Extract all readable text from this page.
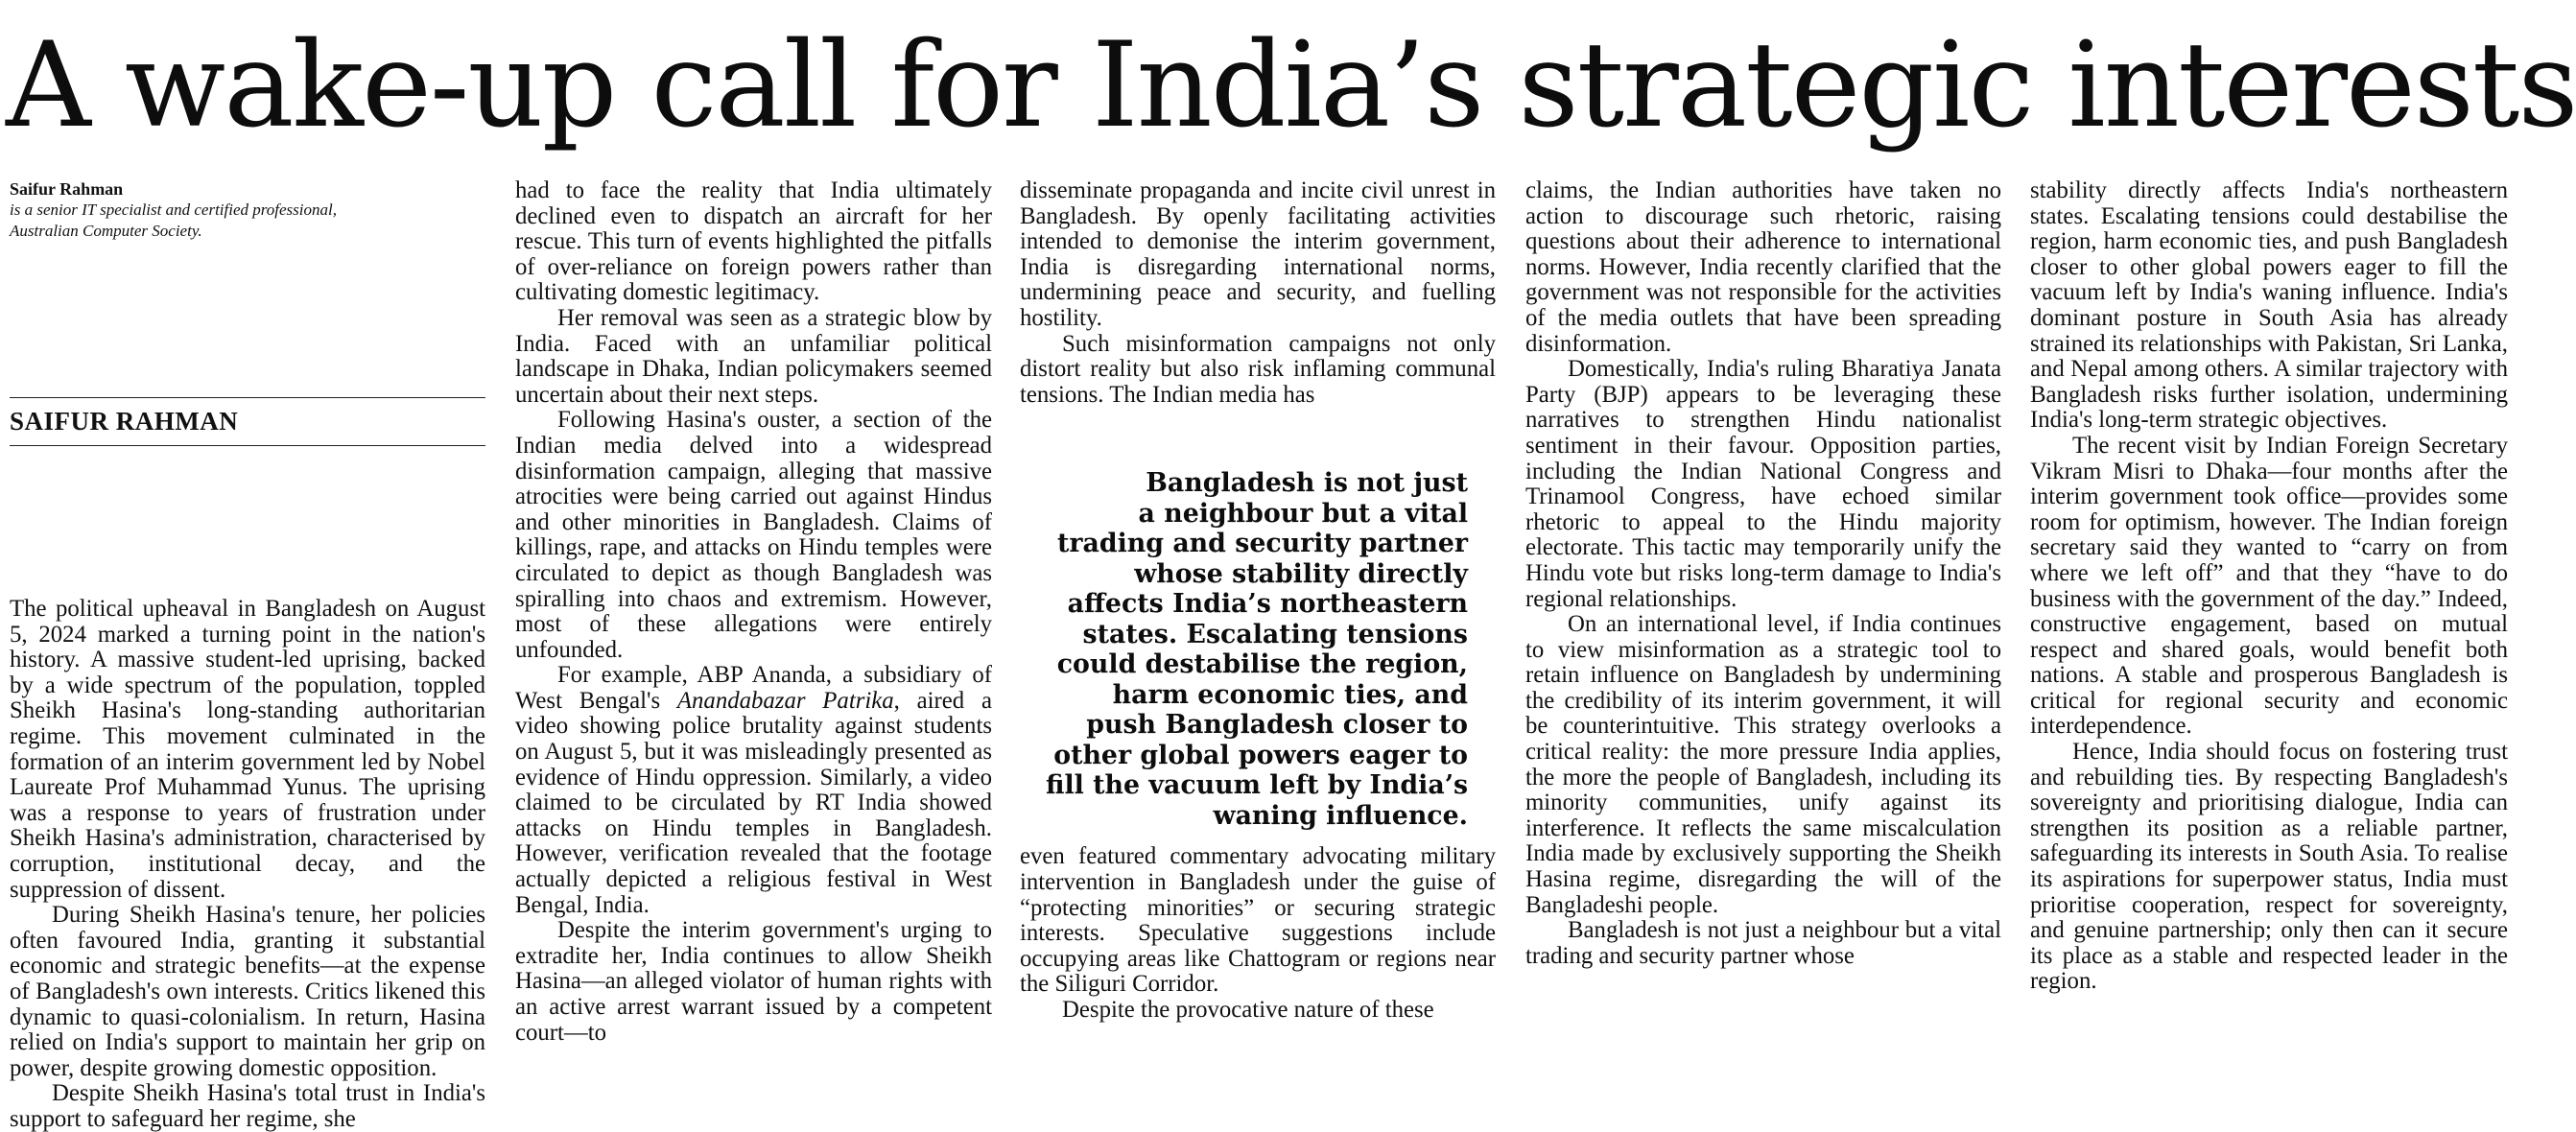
A wake-up call for India’s strategic interests
Saifur Rahman
is a senior IT specialist and certified professional,
Australian Computer Society.
SAIFUR RAHMAN

The political upheaval in Bangladesh on August 5, 2024 marked a turning point in the nation's history. A massive student-led uprising, backed by a wide spectrum of the population, toppled Sheikh Hasina's long-standing authoritarian regime. This movement culminated in the formation of an interim government led by Nobel Laureate Prof Muhammad Yunus. The uprising was a response to years of frustration under Sheikh Hasina's administration, characterised by corruption, institutional decay, and the suppression of dissent.

During Sheikh Hasina's tenure, her policies often favoured India, granting it substantial economic and strategic benefits—at the expense of Bangladesh's own interests. Critics likened this dynamic to quasi-colonialism. In return, Hasina relied on India's support to maintain her grip on power, despite growing domestic opposition.

Despite Sheikh Hasina's total trust in India's support to safeguard her regime, she

had to face the reality that India ultimately declined even to dispatch an aircraft for her rescue. This turn of events highlighted the pitfalls of over-reliance on foreign powers rather than cultivating domestic legitimacy.

Her removal was seen as a strategic blow by India. Faced with an unfamiliar political landscape in Dhaka, Indian policymakers seemed uncertain about their next steps.

Following Hasina's ouster, a section of the Indian media delved into a widespread disinformation campaign, alleging that massive atrocities were being carried out against Hindus and other minorities in Bangladesh. Claims of killings, rape, and attacks on Hindu temples were circulated to depict as though Bangladesh was spiralling into chaos and extremism. However, most of these allegations were entirely unfounded.

For example, ABP Ananda, a subsidiary of West Bengal's Anandabazar Patrika, aired a video showing police brutality against students on August 5, but it was misleadingly presented as evidence of Hindu oppression. Similarly, a video claimed to be circulated by RT India showed attacks on Hindu temples in Bangladesh. However, verification revealed that the footage actually depicted a religious festival in West Bengal, India.

Despite the interim government's urging to extradite her, India continues to allow Sheikh Hasina—an alleged violator of human rights with an active arrest warrant issued by a competent court—to

disseminate propaganda and incite civil unrest in Bangladesh. By openly facilitating activities intended to demonise the interim government, India is disregarding international norms, undermining peace and security, and fuelling hostility.

Such misinformation campaigns not only distort reality but also risk inflaming communal tensions. The Indian media has

even featured commentary advocating military intervention in Bangladesh under the guise of “protecting minorities” or securing strategic interests. Speculative suggestions include occupying areas like Chattogram or regions near the Siliguri Corridor.

Despite the provocative nature of these

Bangladesh is not just
a neighbour but a vital
trading and security partner
whose stability directly
affects India’s northeastern
states. Escalating tensions
could destabilise the region,
harm economic ties, and
push Bangladesh closer to
other global powers eager to
fill the vacuum left by India’s
waning influence.

claims, the Indian authorities have taken no action to discourage such rhetoric, raising questions about their adherence to international norms. However, India recently clarified that the government was not responsible for the activities of the media outlets that have been spreading disinformation.

Domestically, India's ruling Bharatiya Janata Party (BJP) appears to be leveraging these narratives to strengthen Hindu nationalist sentiment in their favour. Opposition parties, including the Indian National Congress and Trinamool Congress, have echoed similar rhetoric to appeal to the Hindu majority electorate. This tactic may temporarily unify the Hindu vote but risks long-term damage to India's regional relationships.

On an international level, if India continues to view misinformation as a strategic tool to retain influence on Bangladesh by undermining the credibility of its interim government, it will be counterintuitive. This strategy overlooks a critical reality: the more pressure India applies, the more the people of Bangladesh, including its minority communities, unify against its interference. It reflects the same miscalculation India made by exclusively supporting the Sheikh Hasina regime, disregarding the will of the Bangladeshi people.

Bangladesh is not just a neighbour but a vital trading and security partner whose

stability directly affects India's northeastern states. Escalating tensions could destabilise the region, harm economic ties, and push Bangladesh closer to other global powers eager to fill the vacuum left by India's waning influence. India's dominant posture in South Asia has already strained its relationships with Pakistan, Sri Lanka, and Nepal among others. A similar trajectory with Bangladesh risks further isolation, undermining India's long-term strategic objectives.

The recent visit by Indian Foreign Secretary Vikram Misri to Dhaka—four months after the interim government took office—provides some room for optimism, however. The Indian foreign secretary said they wanted to “carry on from where we left off” and that they “have to do business with the government of the day.” Indeed, constructive engagement, based on mutual respect and shared goals, would benefit both nations. A stable and prosperous Bangladesh is critical for regional security and economic interdependence.

Hence, India should focus on fostering trust and rebuilding ties. By respecting Bangladesh's sovereignty and prioritising dialogue, India can strengthen its position as a reliable partner, safeguarding its interests in South Asia. To realise its aspirations for superpower status, India must prioritise cooperation, respect for sovereignty, and genuine partnership; only then can it secure its place as a stable and respected leader in the region.
